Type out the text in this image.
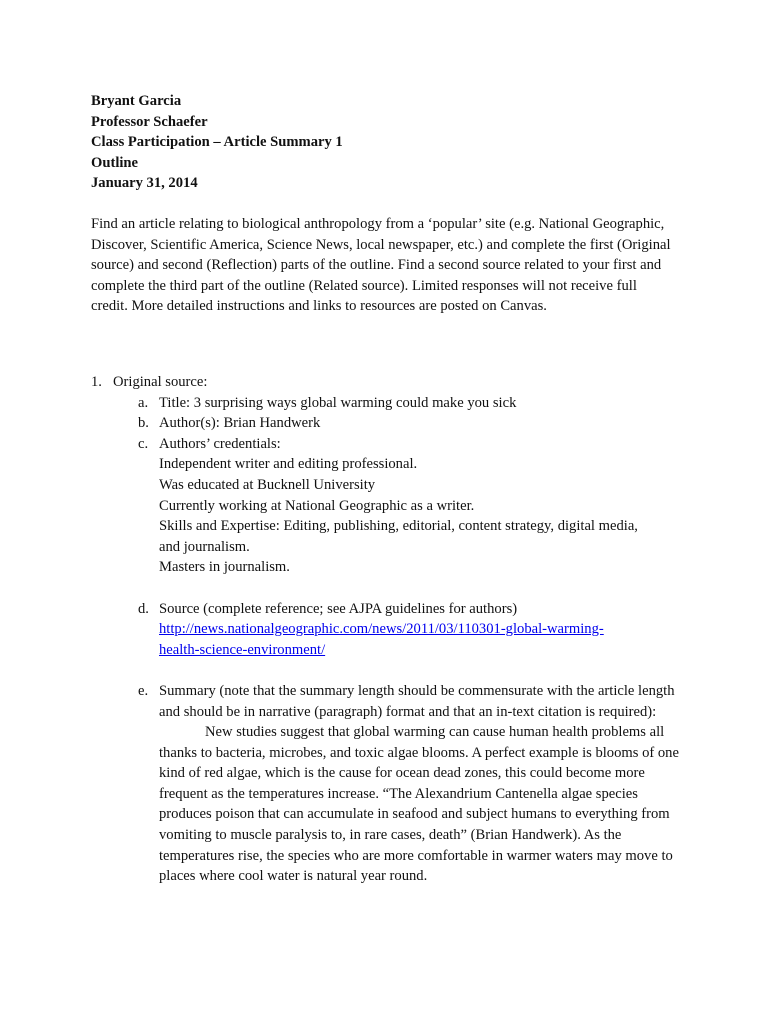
Bryant Garcia
Professor Schaefer
Class Participation – Article Summary 1
Outline
January 31, 2014

Find an article relating to biological anthropology from a ‘popular’ site (e.g. National Geographic, Discover, Scientific America, Science News, local newspaper, etc.) and complete the first (Original source) and second (Reflection) parts of the outline. Find a second source related to your first and complete the third part of the outline (Related source). Limited responses will not receive full credit. More detailed instructions and links to resources are posted on Canvas.

1. Original source:
a. Title: 3 surprising ways global warming could make you sick
b. Author(s): Brian Handwerk
c. Authors’ credentials:
Independent writer and editing professional.
Was educated at Bucknell University
Currently working at National Geographic as a writer.
Skills and Expertise: Editing, publishing, editorial, content strategy, digital media,
and journalism.
Masters in journalism.
d. Source (complete reference; see AJPA guidelines for authors)
http://news.nationalgeographic.com/news/2011/03/110301-global-warming-
health-science-environment/
e. Summary (note that the summary length should be commensurate with the article length and should be in narrative (paragraph) format and that an in-text citation is required):

New studies suggest that global warming can cause human health problems all thanks to bacteria, microbes, and toxic algae blooms. A perfect example is blooms of one kind of red algae, which is the cause for ocean dead zones, this could become more frequent as the temperatures increase. “The Alexandrium Cantenella algae species produces poison that can accumulate in seafood and subject humans to everything from vomiting to muscle paralysis to, in rare cases, death” (Brian Handwerk). As the temperatures rise, the species who are more comfortable in warmer waters may move to places where cool water is natural year round.
